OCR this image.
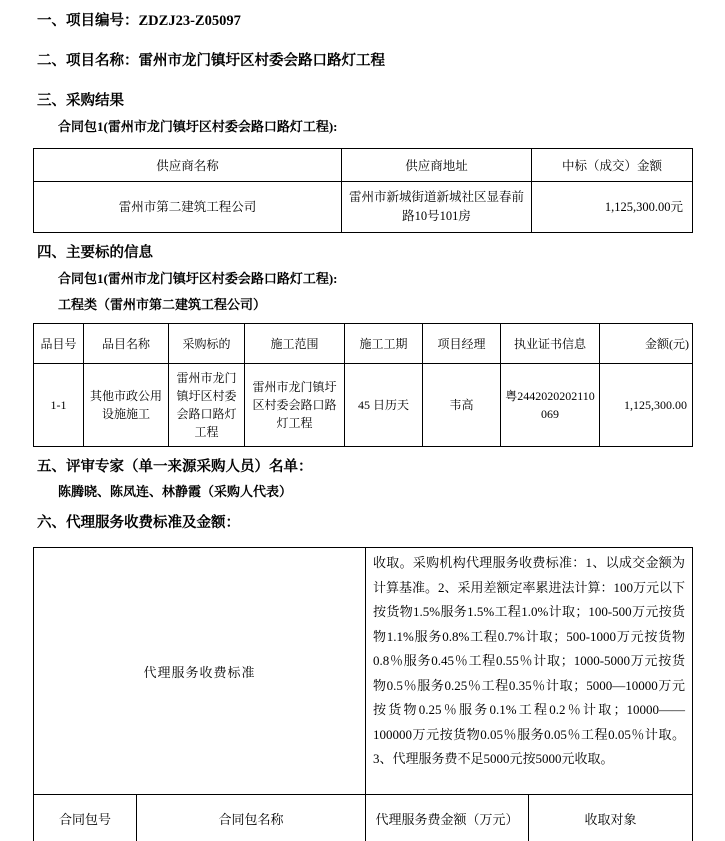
一、项目编号：ZDZJ23-Z05097
二、项目名称：雷州市龙门镇圩区村委会路口路灯工程
三、采购结果
合同包1(雷州市龙门镇圩区村委会路口路灯工程):
供应商名称	供应商地址	中标（成交）金额
雷州市第二建筑工程公司	雷州市新城街道新城社区显春前路10号101房	1,125,300.00元
四、主要标的信息
合同包1(雷州市龙门镇圩区村委会路口路灯工程):
工程类（雷州市第二建筑工程公司）
品目号	品目名称	采购标的	施工范围	施工工期	项目经理	执业证书信息	金额(元)
1-1	其他市政公用设施施工	雷州市龙门镇圩区村委会路口路灯工程	雷州市龙门镇圩区村委会路口路灯工程	45 日历天	韦高	粤2442020202110069	1,125,300.00
五、评审专家（单一来源采购人员）名单：
陈腾晓、陈凤连、林静霞（采购人代表）
六、代理服务收费标准及金额：
代理服务收费标准		收取。采购机构代理服务收费标准：1、以成交金额为计算基准。2、采用差额定率累进法计算：100万元以下按货物1.5%服务1.5%工程1.0%计取；100-500万元按货物1.1%服务0.8%工程0.7%计取；500-1000万元按货物0.8％服务0.45％工程0.55％计取；1000-5000万元按货物0.5％服务0.25％工程0.35％计取；5000—10000万元按货物0.25％服务0.1%工程0.2％计取；10000——100000万元按货物0.05％服务0.05％工程0.05％计取。3、代理服务费不足5000元按5000元收取。	
合同包号	合同包名称	代理服务费金额（万元）	收取对象
